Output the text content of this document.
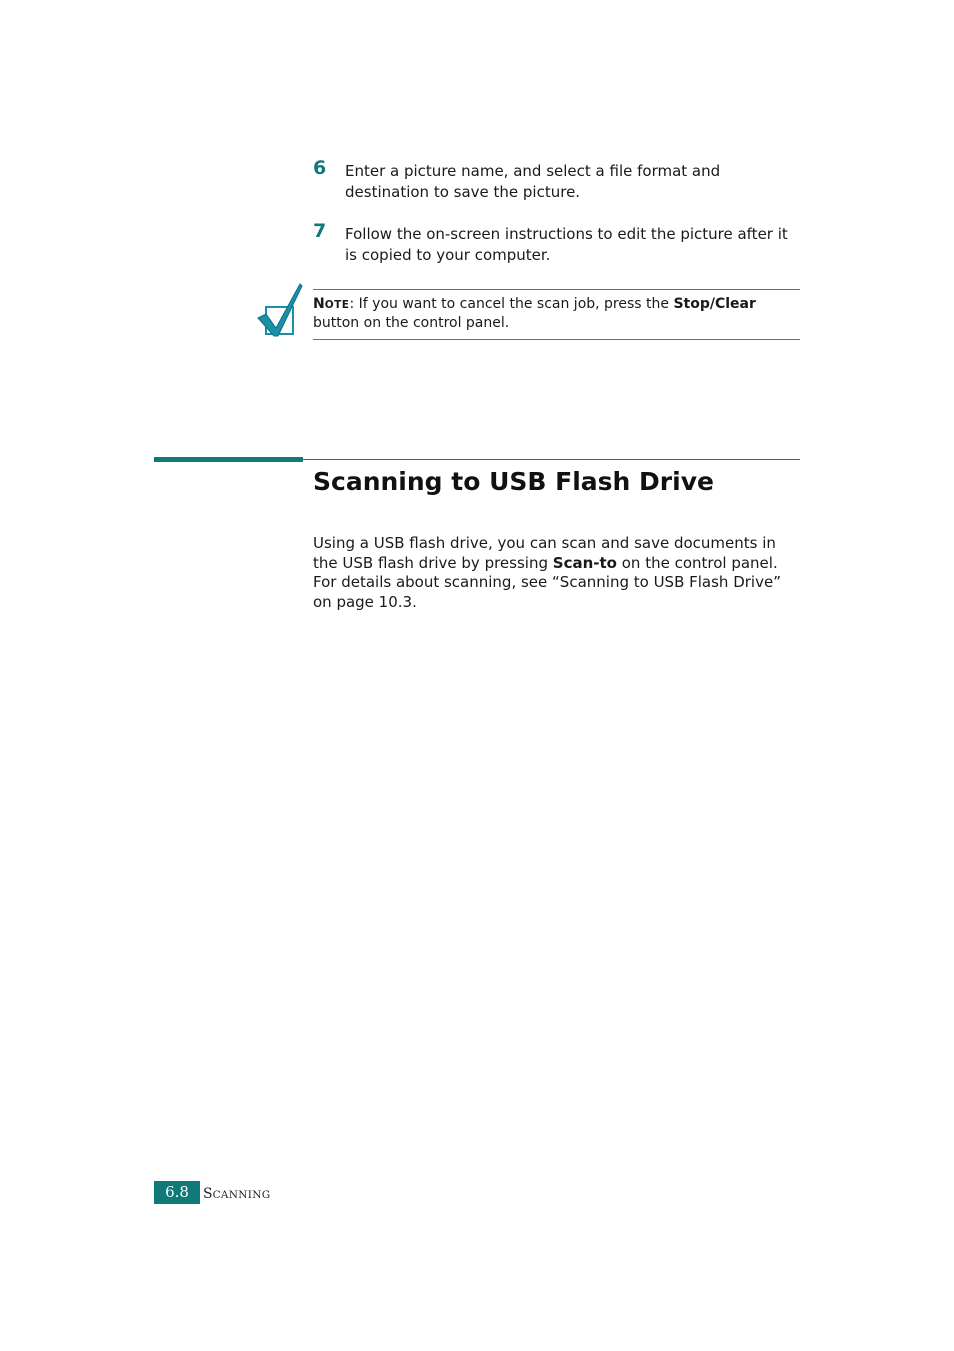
6 Enter a picture name, and select a file format and destination to save the picture.
7 Follow the on-screen instructions to edit the picture after it is copied to your computer.
NOTE: If you want to cancel the scan job, press the Stop/Clear button on the control panel.
Scanning to USB Flash Drive

Using a USB flash drive, you can scan and save documents in the USB flash drive by pressing Scan-to on the control panel. For details about scanning, see “Scanning to USB Flash Drive” on page 10.3.

6.8	SCANNING
